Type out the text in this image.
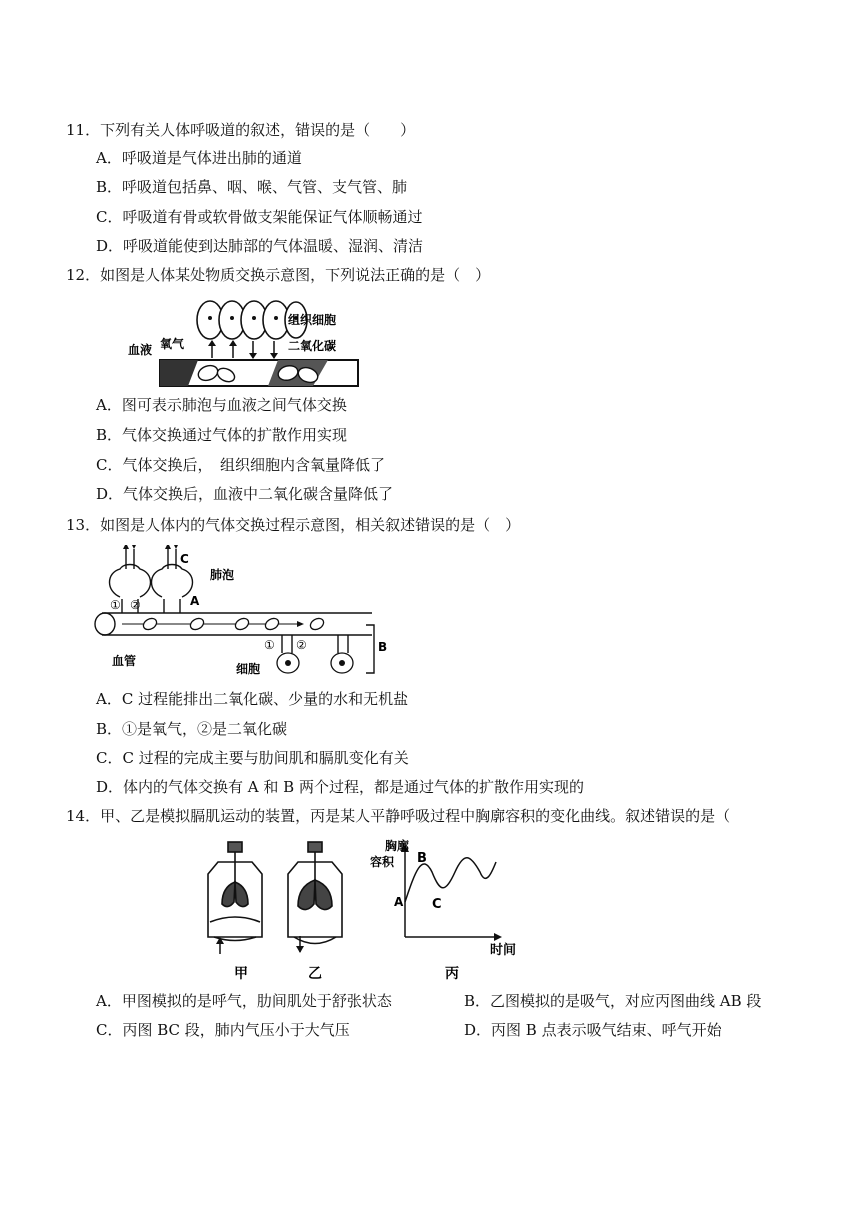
11．下列有关人体呼吸道的叙述，错误的是（　　）
A．呼吸道是气体进出肺的通道
B．呼吸道包括鼻、咽、喉、气管、支气管、肺
C．呼吸道有骨或软骨做支架能保证气体顺畅通过
D．呼吸道能使到达肺部的气体温暖、湿润、清洁
12．如图是人体某处物质交换示意图，下列说法正确的是（　）
组织细胞
血液 氧气	二氧化碳
A．图可表示肺泡与血液之间气体交换
B．气体交换通过气体的扩散作用实现
C．气体交换后，　组织细胞内含氧量降低了
D．气体交换后，血液中二氧化碳含量降低了
13．如图是人体内的气体交换过程示意图，相关叙述错误的是（　）
C
肺泡
A
B
血管
细胞
① ②
① ②
A．C 过程能排出二氧化碳、少量的水和无机盐
B．①是氧气，②是二氧化碳
C．C 过程的完成主要与肋间肌和膈肌变化有关
D．体内的气体交换有 A 和 B 两个过程，都是通过气体的扩散作用实现的
14．甲、乙是模拟膈肌运动的装置，丙是某人平静呼吸过程中胸廓容积的变化曲线。叙述错误的是（
胸廓
容积
时间
A
B
C
甲	乙	丙
A．甲图模拟的是呼气，肋间肌处于舒张状态	B．乙图模拟的是吸气，对应丙图曲线 AB 段
C．丙图 BC 段，肺内气压小于大气压	D．丙图 B 点表示吸气结束、呼气开始
